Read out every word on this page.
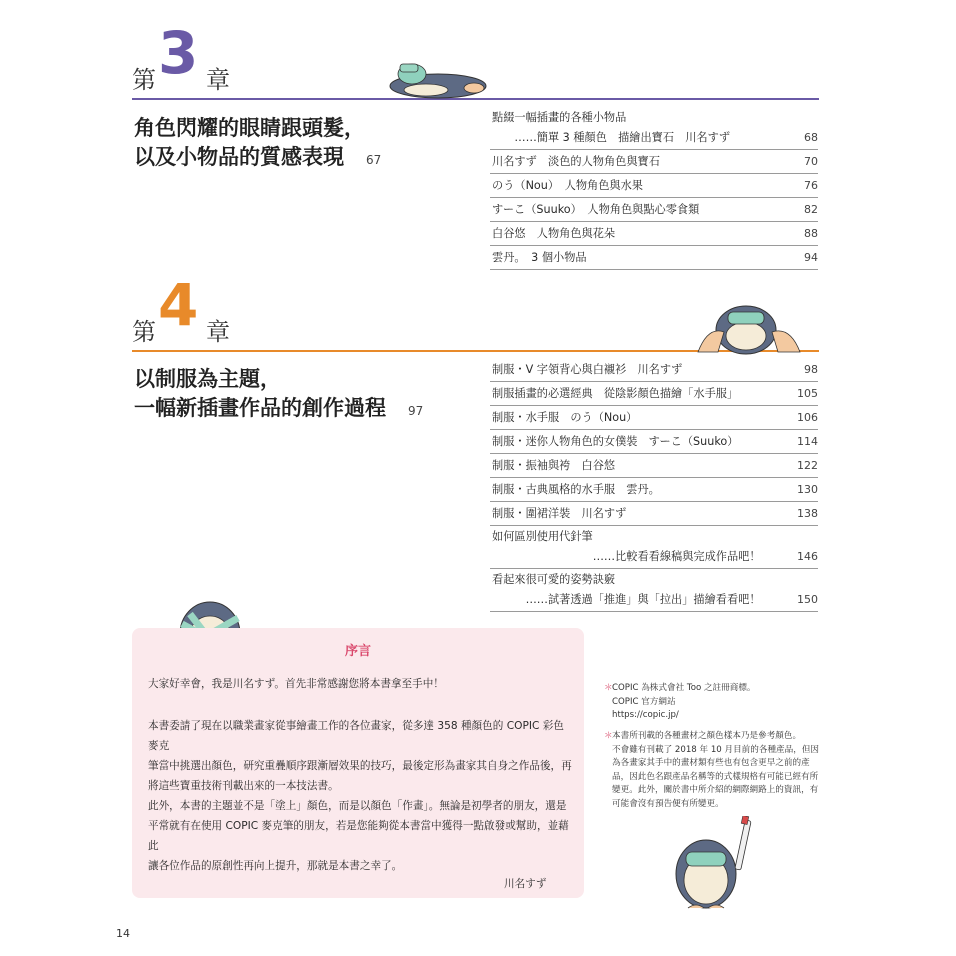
第 3 章
角色閃耀的眼睛跟頭髮，
以及小物品的質感表現 67
點綴一幅插畫的各種小物品
　　……簡單 3 種顏色　描繪出寶石　川名すず	68
川名すず　淡色的人物角色與寶石	70
のう（Nou）　人物角色與水果	76
すーこ（Suuko）　人物角色與點心零食類	82
白谷悠　人物角色與花朵	88
雲丹。　3 個小物品	94
第 4 章
以制服為主題，
一幅新插畫作品的創作過程 97
制服・V 字領背心與白襯衫　川名すず	98
制服插畫的必選經典　從陰影顏色描繪「水手服」	105
制服・水手服　のう（Nou）	106
制服・迷你人物角色的女僕裝　すーこ（Suuko）	114
制服・振袖與袴　白谷悠	122
制服・古典風格的水手服　雲丹。	130
制服・圍裙洋裝　川名すず	138
如何區別使用代針筆
　　　　　　　　　……比較看看線稿與完成作品吧！	146
看起來很可愛的姿勢訣竅
　　　……試著透過「推進」與「拉出」描繪看看吧！	150
序言
大家好幸會，我是川名すず。首先非常感謝您將本書拿至手中！
本書委請了現在以職業畫家從事繪畫工作的各位畫家，從多達 358 種顏色的 COPIC 彩色麥克
筆當中挑選出顏色，研究重疊順序跟漸層效果的技巧，最後定形為畫家其自身之作品後，再
將這些寶重技術刊載出來的一本技法書。
此外，本書的主題並不是「塗上」顏色，而是以顏色「作畫」。無論是初學者的朋友，還是
平常就有在使用 COPIC 麥克筆的朋友，若是您能夠從本書當中獲得一點啟發或幫助，並藉此
讓各位作品的原創性再向上提升，那就是本書之幸了。
川名すず
＊ COPIC 為株式會社 Too 之註冊商標。
COPIC 官方網站
https://copic.jp/
＊ 本書所刊載的各種畫材之顏色樣本乃是參考顏色。
不會雖有刊載了 2018 年 10 月目前的各種產品，但因
為各畫家其手中的畫材類有些也有包含更早之前的產
品，因此色名跟產品名稱等的式樣規格有可能已經有所
變更。此外，關於書中所介紹的網際網路上的資訊，有
可能會沒有預告便有所變更。
14
